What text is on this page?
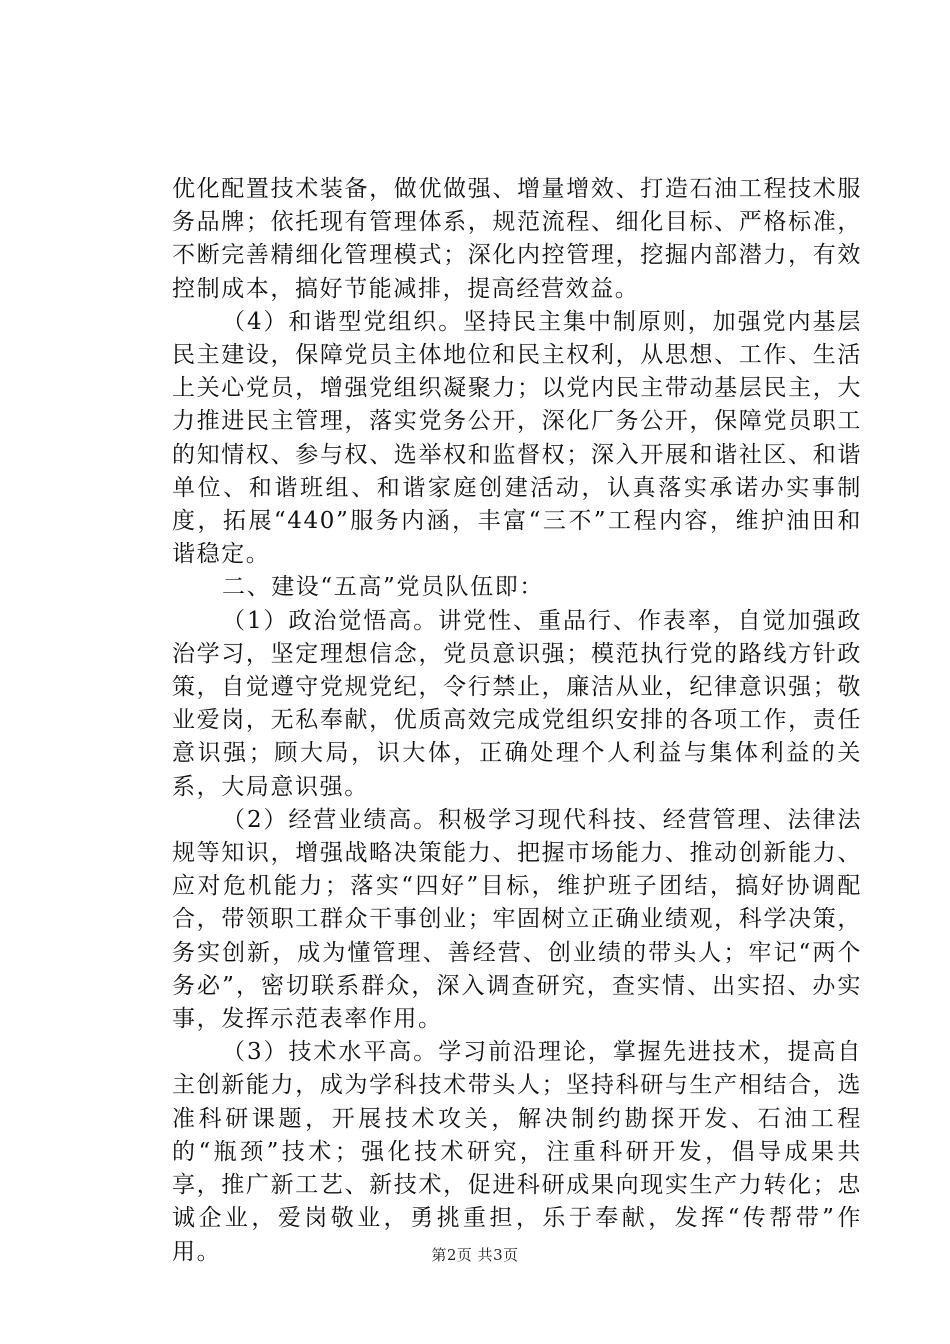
优化配置技术装备，做优做强、增量增效、打造石油工程技术服务品牌；依托现有管理体系，规范流程、细化目标、严格标准，不断完善精细化管理模式；深化内控管理，挖掘内部潜力，有效控制成本，搞好节能减排，提高经营效益。

（4）和谐型党组织。坚持民主集中制原则，加强党内基层民主建设，保障党员主体地位和民主权利，从思想、工作、生活上关心党员，增强党组织凝聚力；以党内民主带动基层民主，大力推进民主管理，落实党务公开，深化厂务公开，保障党员职工的知情权、参与权、选举权和监督权；深入开展和谐社区、和谐单位、和谐班组、和谐家庭创建活动，认真落实承诺办实事制度，拓展“440”服务内涵，丰富“三不”工程内容，维护油田和谐稳定。

二、建设“五高”党员队伍即：

（1）政治觉悟高。讲党性、重品行、作表率，自觉加强政治学习，坚定理想信念，党员意识强；模范执行党的路线方针政策，自觉遵守党规党纪，令行禁止，廉洁从业，纪律意识强；敬业爱岗，无私奉献，优质高效完成党组织安排的各项工作，责任意识强；顾大局，识大体，正确处理个人利益与集体利益的关系，大局意识强。

（2）经营业绩高。积极学习现代科技、经营管理、法律法规等知识，增强战略决策能力、把握市场能力、推动创新能力、应对危机能力；落实“四好”目标，维护班子团结，搞好协调配合，带领职工群众干事创业；牢固树立正确业绩观，科学决策，务实创新，成为懂管理、善经营、创业绩的带头人；牢记“两个务必”，密切联系群众，深入调查研究，查实情、出实招、办实事，发挥示范表率作用。

（3）技术水平高。学习前沿理论，掌握先进技术，提高自主创新能力，成为学科技术带头人；坚持科研与生产相结合，选准科研课题，开展技术攻关，解决制约勘探开发、石油工程的“瓶颈”技术；强化技术研究，注重科研开发，倡导成果共享，推广新工艺、新技术，促进科研成果向现实生产力转化；忠诚企业，爱岗敬业，勇挑重担，乐于奉献，发挥“传帮带”作用。	第2页 共3页
